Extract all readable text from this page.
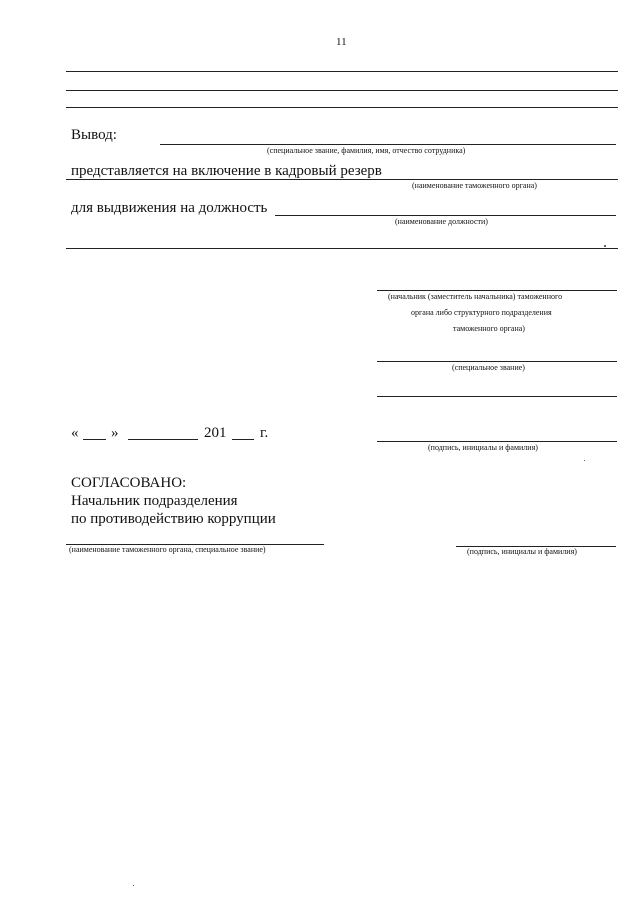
11
Вывод:
(специальное звание, фамилия, имя, отчество сотрудника)
представляется на включение в кадровый резерв
(наименование таможенного органа)
для выдвижения на должность
(наименование должности)
(начальник (заместитель начальника) таможенного
органа либо структурного подразделения
таможенного органа)
(специальное звание)
« »	201 г.
(подпись, инициалы и фамилия)
СОГЛАСОВАНО:
Начальник подразделения
по противодействию коррупции
(наименование таможенного органа, специальное звание)	(подпись, инициалы и фамилия)
